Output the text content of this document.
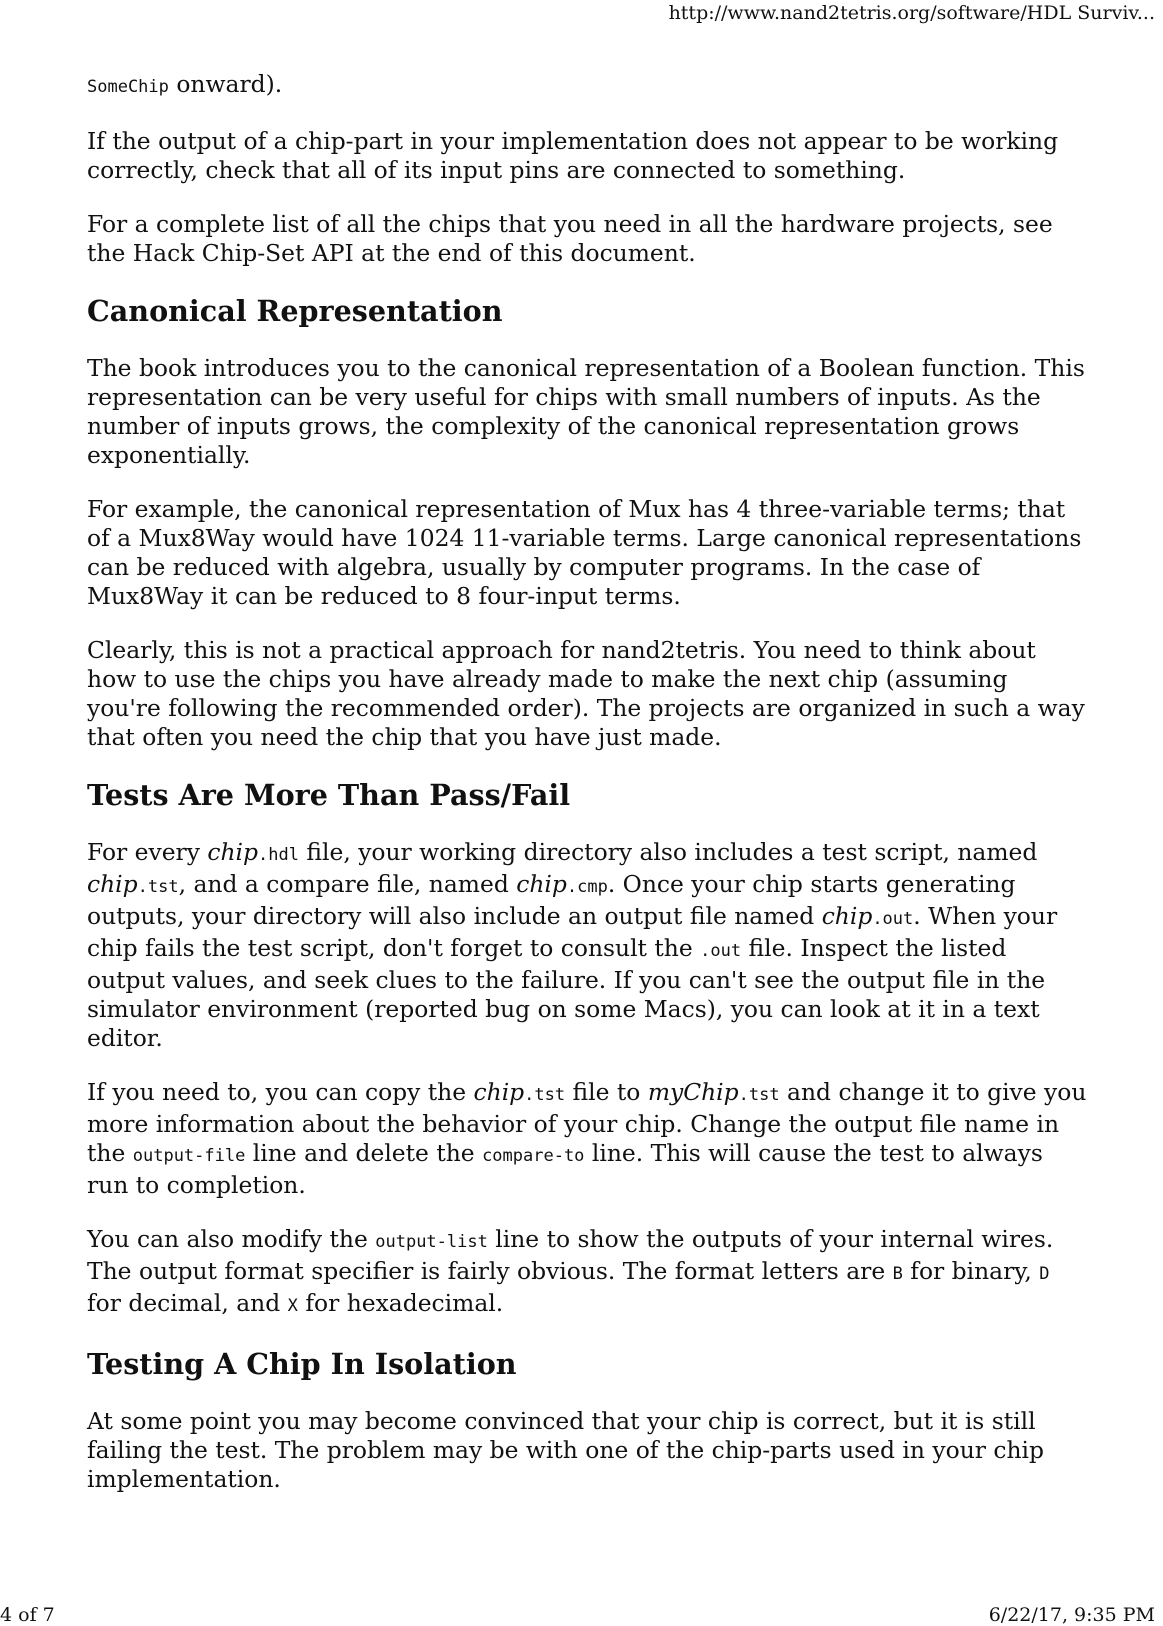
http://www.nand2tetris.org/software/HDL Surviv...

SomeChip onward).

If the output of a chip-part in your implementation does not appear to be working correctly, check that all of its input pins are connected to something.

For a complete list of all the chips that you need in all the hardware projects, see the Hack Chip-Set API at the end of this document.

Canonical Representation

The book introduces you to the canonical representation of a Boolean function. This representation can be very useful for chips with small numbers of inputs. As the number of inputs grows, the complexity of the canonical representation grows exponentially.

For example, the canonical representation of Mux has 4 three-variable terms; that of a Mux8Way would have 1024 11-variable terms. Large canonical representations can be reduced with algebra, usually by computer programs. In the case of Mux8Way it can be reduced to 8 four-input terms.

Clearly, this is not a practical approach for nand2tetris. You need to think about how to use the chips you have already made to make the next chip (assuming you're following the recommended order). The projects are organized in such a way that often you need the chip that you have just made.

Tests Are More Than Pass/Fail

For every chip.hdl file, your working directory also includes a test script, named chip.tst, and a compare file, named chip.cmp. Once your chip starts generating outputs, your directory will also include an output file named chip.out. When your chip fails the test script, don't forget to consult the .out file. Inspect the listed output values, and seek clues to the failure. If you can't see the output file in the simulator environment (reported bug on some Macs), you can look at it in a text editor.

If you need to, you can copy the chip.tst file to myChip.tst and change it to give you more information about the behavior of your chip. Change the output file name in the output-file line and delete the compare-to line. This will cause the test to always run to completion.

You can also modify the output-list line to show the outputs of your internal wires. The output format specifier is fairly obvious. The format letters are B for binary, D for decimal, and X for hexadecimal.

Testing A Chip In Isolation

At some point you may become convinced that your chip is correct, but it is still failing the test. The problem may be with one of the chip-parts used in your chip implementation.

4 of 7	6/22/17, 9:35 PM
